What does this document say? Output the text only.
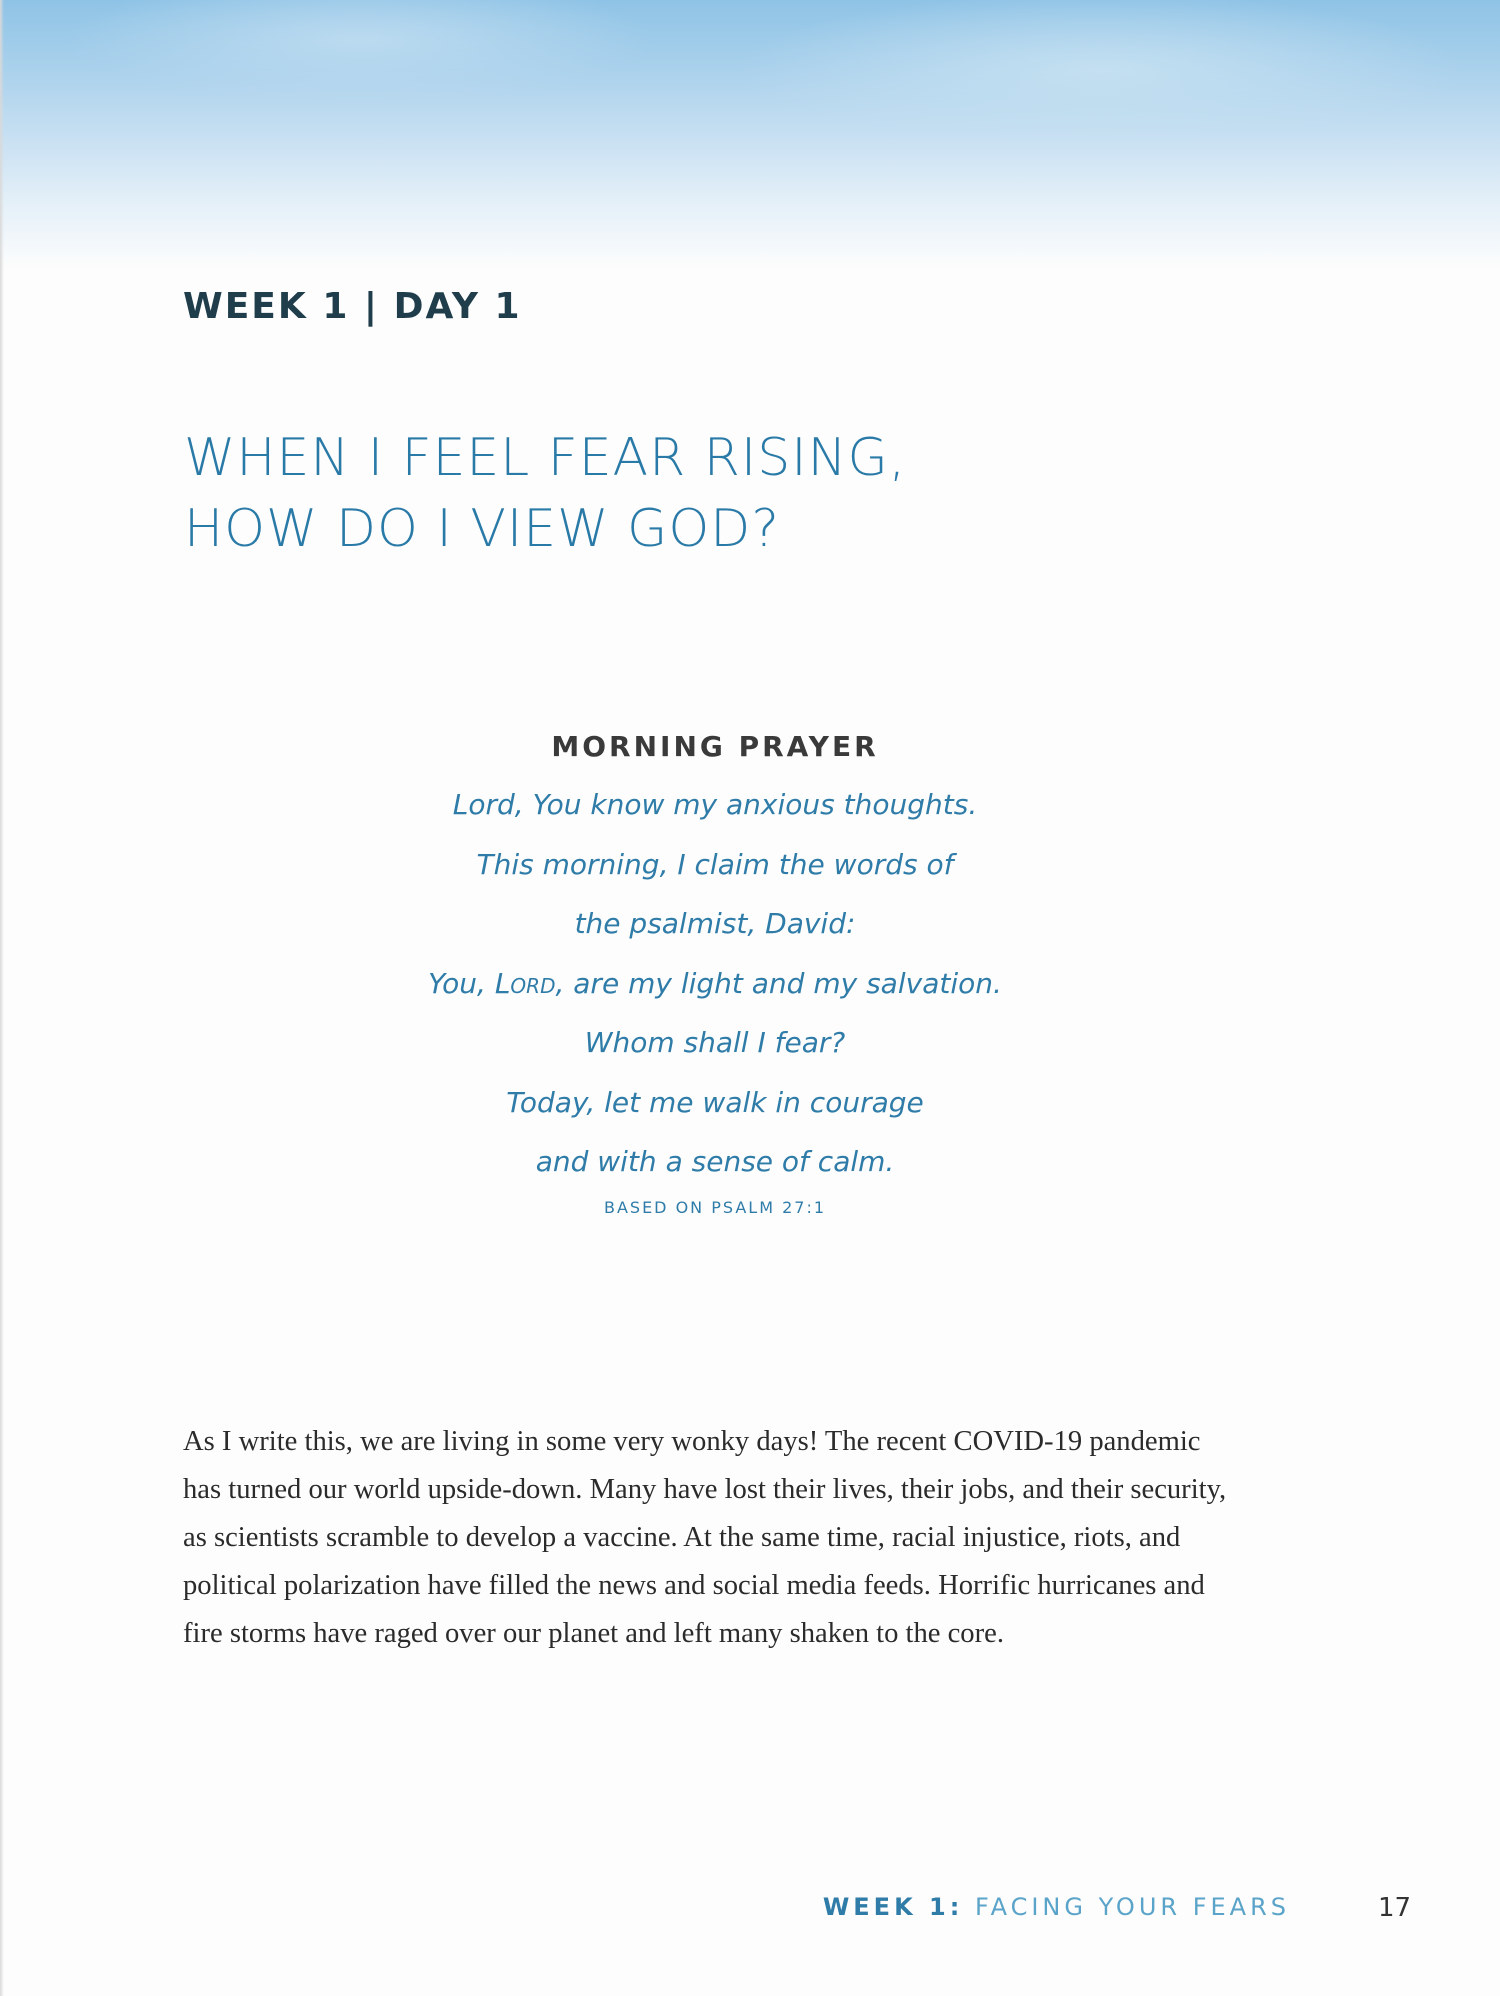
WEEK 1 | DAY 1
WHEN I FEEL FEAR RISING,
HOW DO I VIEW GOD?
MORNING PRAYER
Lord, You know my anxious thoughts.
This morning, I claim the words of
the psalmist, David:
You, Lord, are my light and my salvation.
Whom shall I fear?
Today, let me walk in courage
and with a sense of calm.
BASED ON PSALM 27:1

As I write this, we are living in some very wonky days! The recent COVID-19 pandemic has turned our world upside-down. Many have lost their lives, their jobs, and their security, as scientists scramble to develop a vaccine. At the same time, racial injustice, riots, and political polarization have filled the news and social media feeds. Horrific hurricanes and fire storms have raged over our planet and left many shaken to the core.

WEEK 1: FACING YOUR FEARS	17
